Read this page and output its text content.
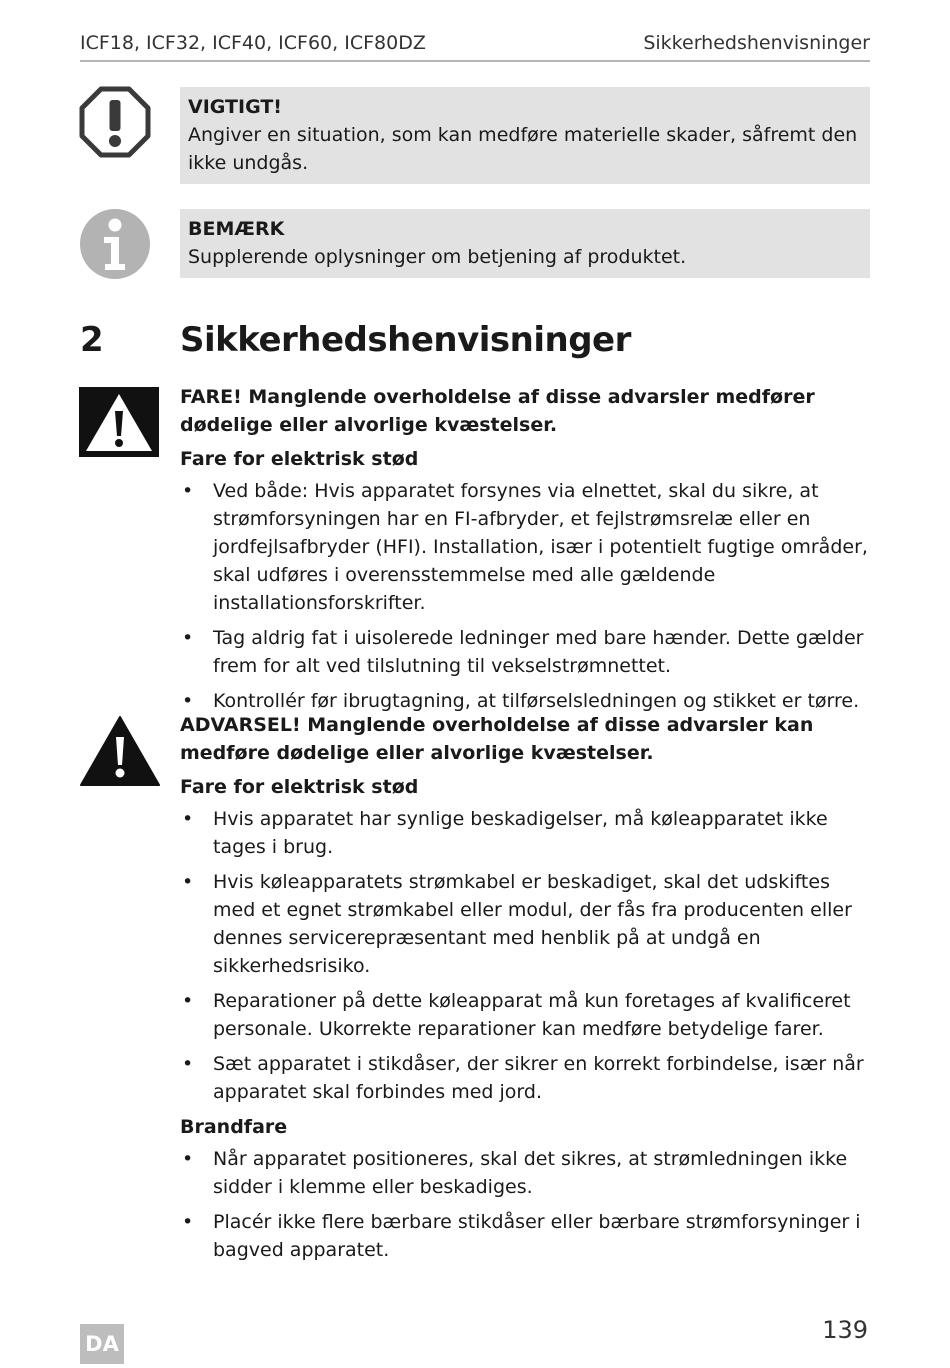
ICF18, ICF32, ICF40, ICF60, ICF80DZ	Sikkerhedshenvisninger
VIGTIGT!
Angiver en situation, som kan medføre materielle skader, såfremt den ikke undgås.
BEMÆRK
Supplerende oplysninger om betjening af produktet.
2 Sikkerhedshenvisninger
FARE! Manglende overholdelse af disse advarsler medfører dødelige eller alvorlige kvæstelser.
Fare for elektrisk stød
• Ved både: Hvis apparatet forsynes via elnettet, skal du sikre, at strømforsyningen har en FI-afbryder, et fejlstrømsrelæ eller en jordfejlsafbryder (HFI). Installation, især i potentielt fugtige områder, skal udføres i overensstemmelse med alle gældende installationsforskrifter.
• Tag aldrig fat i uisolerede ledninger med bare hænder. Dette gælder frem for alt ved tilslutning til vekselstrømnettet.
• Kontrollér før ibrugtagning, at tilførselsledningen og stikket er tørre.
ADVARSEL! Manglende overholdelse af disse advarsler kan medføre dødelige eller alvorlige kvæstelser.
Fare for elektrisk stød
• Hvis apparatet har synlige beskadigelser, må køleapparatet ikke tages i brug.
• Hvis køleapparatets strømkabel er beskadiget, skal det udskiftes med et egnet strømkabel eller modul, der fås fra producenten eller dennes servicerepræsentant med henblik på at undgå en sikkerhedsrisiko.
• Reparationer på dette køleapparat må kun foretages af kvalificeret personale. Ukorrekte reparationer kan medføre betydelige farer.
• Sæt apparatet i stikdåser, der sikrer en korrekt forbindelse, især når apparatet skal forbindes med jord.
Brandfare
• Når apparatet positioneres, skal det sikres, at strømledningen ikke sidder i klemme eller beskadiges.
• Placér ikke flere bærbare stikdåser eller bærbare strømforsyninger i bagved apparatet.
139
DA
